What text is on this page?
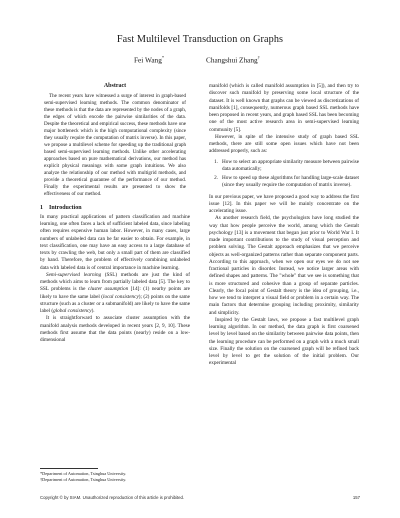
Fast Multilevel Transduction on Graphs
Fei Wang*	Changshui Zhang†
Abstract

The recent years have witnessed a surge of interest in graph-based semi-supervised learning methods. The common denominator of these methods is that the data are represented by the nodes of a graph, the edges of which encode the pairwise similarities of the data. Despite the theoretical and empirical success, these methods have one major bottleneck which is the high computational complexity (since they usually require the computation of matrix inverse). In this paper, we propose a multilevel scheme for speeding up the traditional graph based semi-supervised learning methods. Unlike other accelerating approaches based on pure mathematical derivations, our method has explicit physical meanings with some graph intuitions. We also analyze the relationship of our method with multigrid methods, and provide a theoretical guarantee of the performance of our method. Finally the experimental results are presented to show the effectiveness of our method.

1 Introduction

In many practical applications of pattern classification and machine learning, one often faces a lack of sufficient labeled data, since labeling often requires expensive human labor. However, in many cases, large numbers of unlabeled data can be far easier to obtain. For example, in text classification, one may have an easy access to a large database of texts by crawling the web, but only a small part of them are classified by hand. Therefore, the problem of effectively combining unlabeled data with labeled data is of central importance in machine learning.

Semi-supervised learning (SSL) methods are just the kind of methods which aims to learn from partially labeled data [5]. The key to SSL problems is the cluster assumption [14]: (1) nearby points are likely to have the same label (local consistency); (2) points on the same structure (such as a cluster or a submanifold) are likely to have the same label (global consistency).

It is straightforward to associate cluster assumption with the manifold analysis methods developed in recent years [2, 9, 10]. These methods first assume that the data points (nearly) reside on a low-dimensional

manifold (which is called manifold assumption in [5]), and then try to discover such manifold by preserving some local structure of the dataset. It is well known that graphs can be viewed as discretizations of manifolds [1], consequently, numerous graph based SSL methods have been proposed in recent years, and graph based SSL has been becoming one of the most active research area in semi-supervised learning community [5].

However, in spite of the intensive study of graph based SSL methods, there are still some open issues which have not been addressed properly, such as:

1. How to select an appropriate similarity measure between pairwise data automatically;
2. How to speed up these algorithms for handling large-scale dataset (since they usually require the computation of matrix inverse).

In our previous paper, we have proposed a good way to address the first issue [12]. In this paper we will be mainly concentrate on the accelerating issue.

As another research field, the psychologists have long studied the way that how people perceive the world, among which the Gestalt psychology [13] is a movement that began just prior to World War I. It made important contributions to the study of visual perception and problem solving. The Gestalt approach emphasizes that we perceive objects as well-organized patterns rather than separate component parts. According to this approach, when we open our eyes we do not see fractional particles in disorder. Instead, we notice larger areas with defined shapes and patterns. The "whole" that we see is something that is more structured and cohesive than a group of separate particles. Clearly, the focal point of Gestalt theory is the idea of grouping, i.e., how we tend to interpret a visual field or problem in a certain way. The main factors that determine grouping including proximity, similarity and simplicity.

Inspired by the Gestalt laws, we propose a fast multilevel graph learning algorithm. In our method, the data graph is first coarsened level by level based on the similarity between pairwise data points, then the learning procedure can be performed on a graph with a much small size. Finally the solution on the coarsened graph will be refined back level by level to get the solution of the initial problem. Our experimental

*Department of Automation, Tsinghua University.
†Department of Automation, Tsinghua University.
Copyright © by SIAM. Unauthorized reproduction of this article is prohibited.	157
